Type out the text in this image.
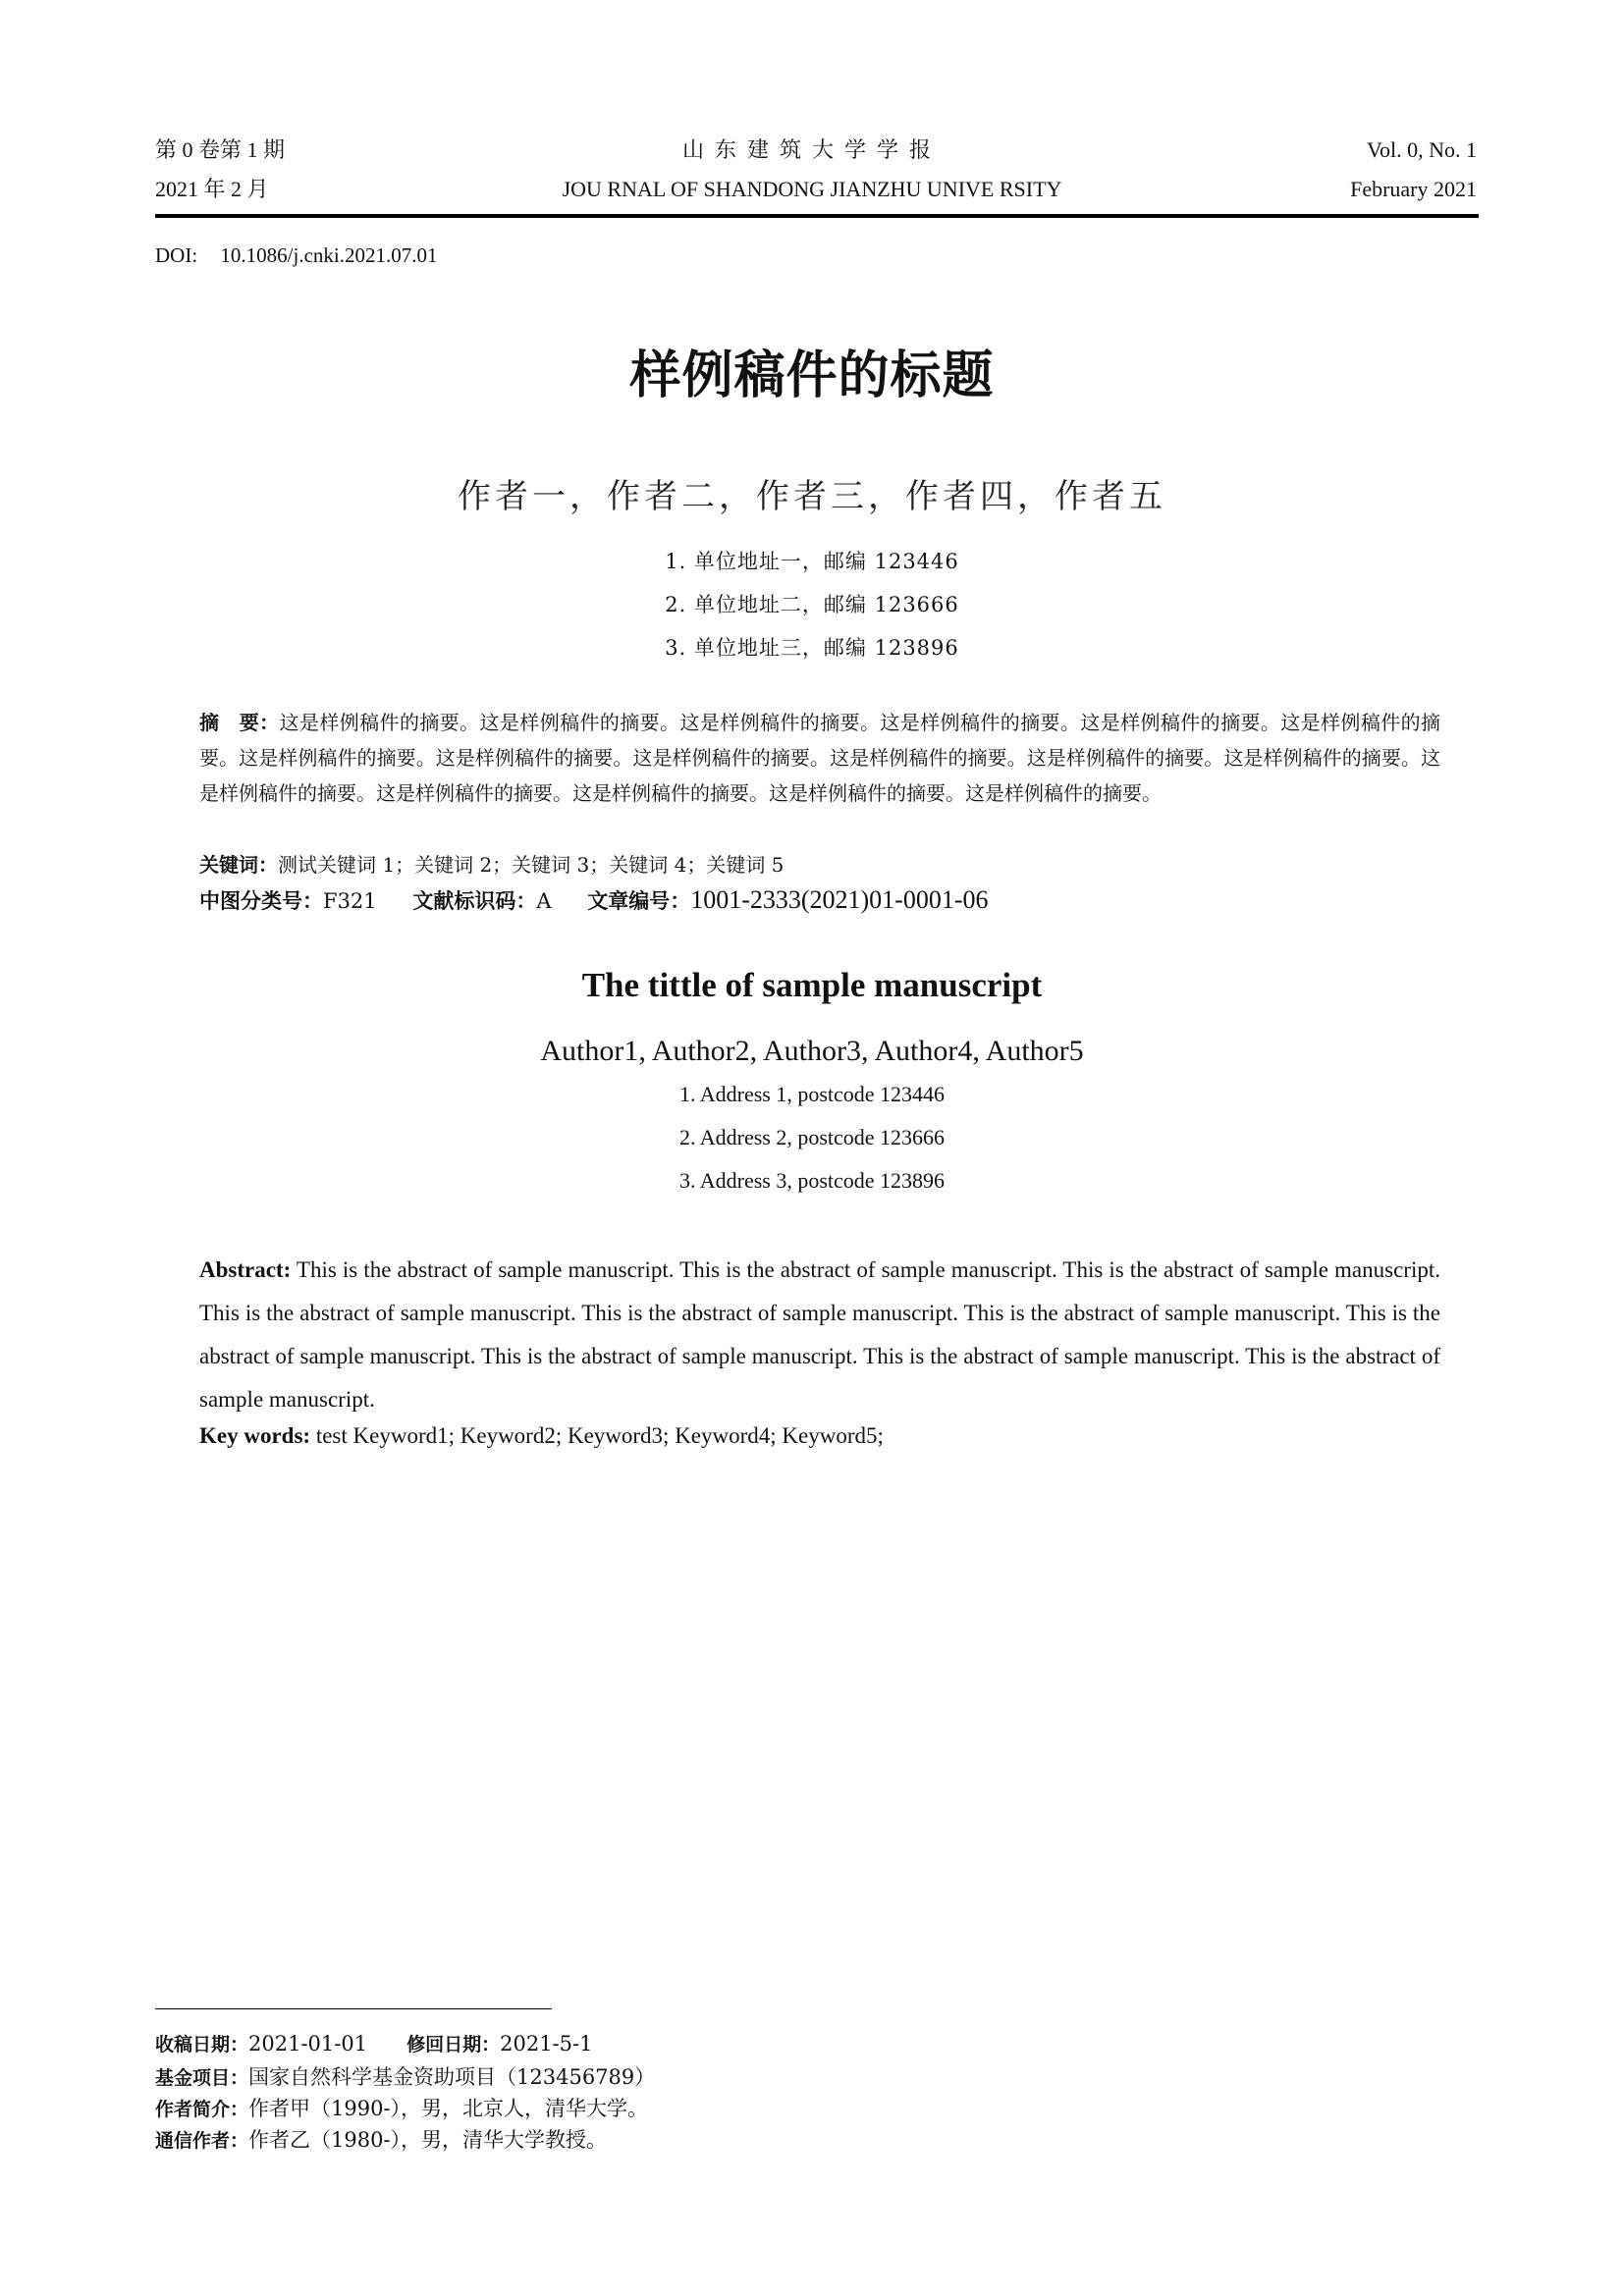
第 0 卷第 1 期
2021 年 2 月
山东建筑大学学报
JOU RNAL OF SHANDONG JIANZHU UNIVE RSITY
Vol. 0, No. 1
February 2021
DOI: 10.1086/j.cnki.2021.07.01
样例稿件的标题
作者一，作者二，作者三，作者四，作者五
1. 单位地址一，邮编 123446
2. 单位地址二，邮编 123666
3. 单位地址三，邮编 123896
摘　要：这是样例稿件的摘要。这是样例稿件的摘要。这是样例稿件的摘要。这是样例稿件的摘要。这是样例稿件的摘要。这是样例稿件的摘要。这是样例稿件的摘要。这是样例稿件的摘要。这是样例稿件的摘要。这是样例稿件的摘要。这是样例稿件的摘要。这是样例稿件的摘要。这是样例稿件的摘要。这是样例稿件的摘要。这是样例稿件的摘要。这是样例稿件的摘要。这是样例稿件的摘要。
关键词：测试关键词 1；关键词 2；关键词 3；关键词 4；关键词 5
中图分类号：F321 文献标识码：A 文章编号：1001-2333(2021)01-0001-06
The tittle of sample manuscript
Author1, Author2, Author3, Author4, Author5
1. Address 1, postcode 123446
2. Address 2, postcode 123666
3. Address 3, postcode 123896
Abstract: This is the abstract of sample manuscript. This is the abstract of sample manuscript. This is the abstract of sample manuscript. This is the abstract of sample manuscript. This is the abstract of sample manuscript. This is the abstract of sample manuscript. This is the abstract of sample manuscript. This is the abstract of sample manuscript. This is the abstract of sample manuscript. This is the abstract of sample manuscript.
Key words: test Keyword1; Keyword2; Keyword3; Keyword4; Keyword5;
收稿日期：2021-01-01 修回日期：2021-5-1
基金项目：国家自然科学基金资助项目（123456789）
作者简介：作者甲（1990-），男，北京人，清华大学。
通信作者：作者乙（1980-），男，清华大学教授。
